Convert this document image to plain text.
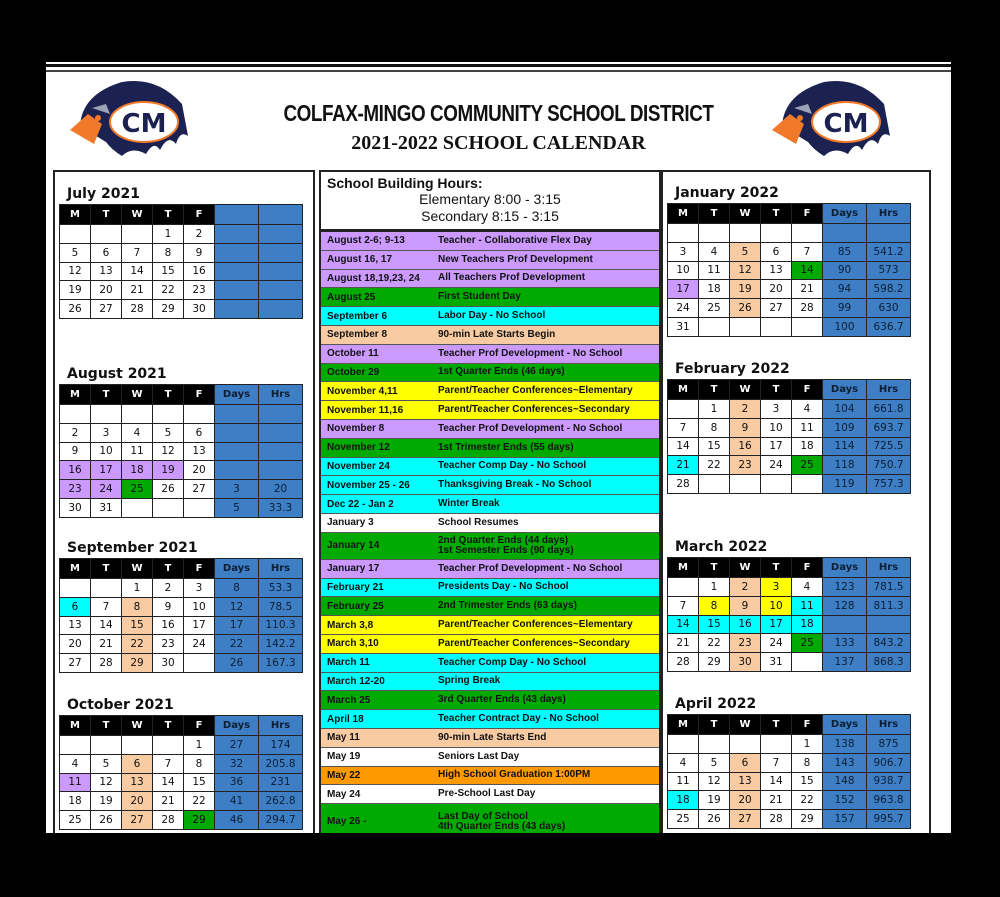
CM	CM
COLFAX-MINGO COMMUNITY SCHOOL DISTRICT
2021-2022 SCHOOL CALENDAR
July 2021
M	T	W	T	F		
			1	2		
5	6	7	8	9		
12	13	14	15	16		
19	20	21	22	23		
26	27	28	29	30		
August 2021
M	T	W	T	F	Days	Hrs

2	3	4	5	6		
9	10	11	12	13		
16	17	18	19	20		
23	24	25	26	27	3	20
30	31				5	33.3
September 2021
M	T	W	T	F	Days	Hrs
		1	2	3	8	53.3
6	7	8	9	10	12	78.5
13	14	15	16	17	17	110.3
20	21	22	23	24	22	142.2
27	28	29	30		26	167.3
October 2021
M	T	W	T	F	Days	Hrs
				1	27	174
4	5	6	7	8	32	205.8
11	12	13	14	15	36	231
18	19	20	21	22	41	262.8
25	26	27	28	29	46	294.7
January 2022
M	T	W	T	F	Days	Hrs

3	4	5	6	7	85	541.2
10	11	12	13	14	90	573
17	18	19	20	21	94	598.2
24	25	26	27	28	99	630
31					100	636.7
February 2022
M	T	W	T	F	Days	Hrs
	1	2	3	4	104	661.8
7	8	9	10	11	109	693.7
14	15	16	17	18	114	725.5
21	22	23	24	25	118	750.7
28					119	757.3
March 2022
M	T	W	T	F	Days	Hrs
	1	2	3	4	123	781.5
7	8	9	10	11	128	811.3
14	15	16	17	18		
21	22	23	24	25	133	843.2
28	29	30	31		137	868.3
April 2022
M	T	W	T	F	Days	Hrs
				1	138	875
4	5	6	7	8	143	906.7
11	12	13	14	15	148	938.7
18	19	20	21	22	152	963.8
25	26	27	28	29	157	995.7
School Building Hours:
Elementary 8:00 - 3:15
Secondary 8:15 - 3:15
August 2-6; 9-13	Teacher - Collaborative Flex Day
August 16, 17	New Teachers Prof Development
August 18,19,23, 24	All Teachers Prof Development
August 25	First Student Day
September 6	Labor Day - No School
September 8	90-min Late Starts Begin
October 11	Teacher Prof Development - No School
October 29	1st Quarter Ends (46 days)
November 4,11	Parent/Teacher Conferences~Elementary
November 11,16	Parent/Teacher Conferences~Secondary
November 8	Teacher Prof Development - No School
November 12	1st Trimester Ends (55 days)
November 24	Teacher Comp Day - No School
November 25 - 26	Thanksgiving Break - No School
Dec 22 - Jan 2	Winter Break
January 3	School Resumes
January 14	2nd Quarter Ends (44 days)
1st Semester Ends (90 days)
January 17	Teacher Prof Development - No School
February 21	Presidents Day - No School
February 25	2nd Trimester Ends (63 days)
March 3,8	Parent/Teacher Conferences~Elementary
March 3,10	Parent/Teacher Conferences~Secondary
March 11	Teacher Comp Day - No School
March 12-20	Spring Break
March 25	3rd Quarter Ends (43 days)
April 18	Teacher Contract Day - No School
May 11	90-min Late Starts End
May 19	Seniors Last Day
May 22	High School Graduation 1:00PM
May 24	Pre-School Last Day
May 26 -	Last Day of School
4th Quarter Ends (43 days)
